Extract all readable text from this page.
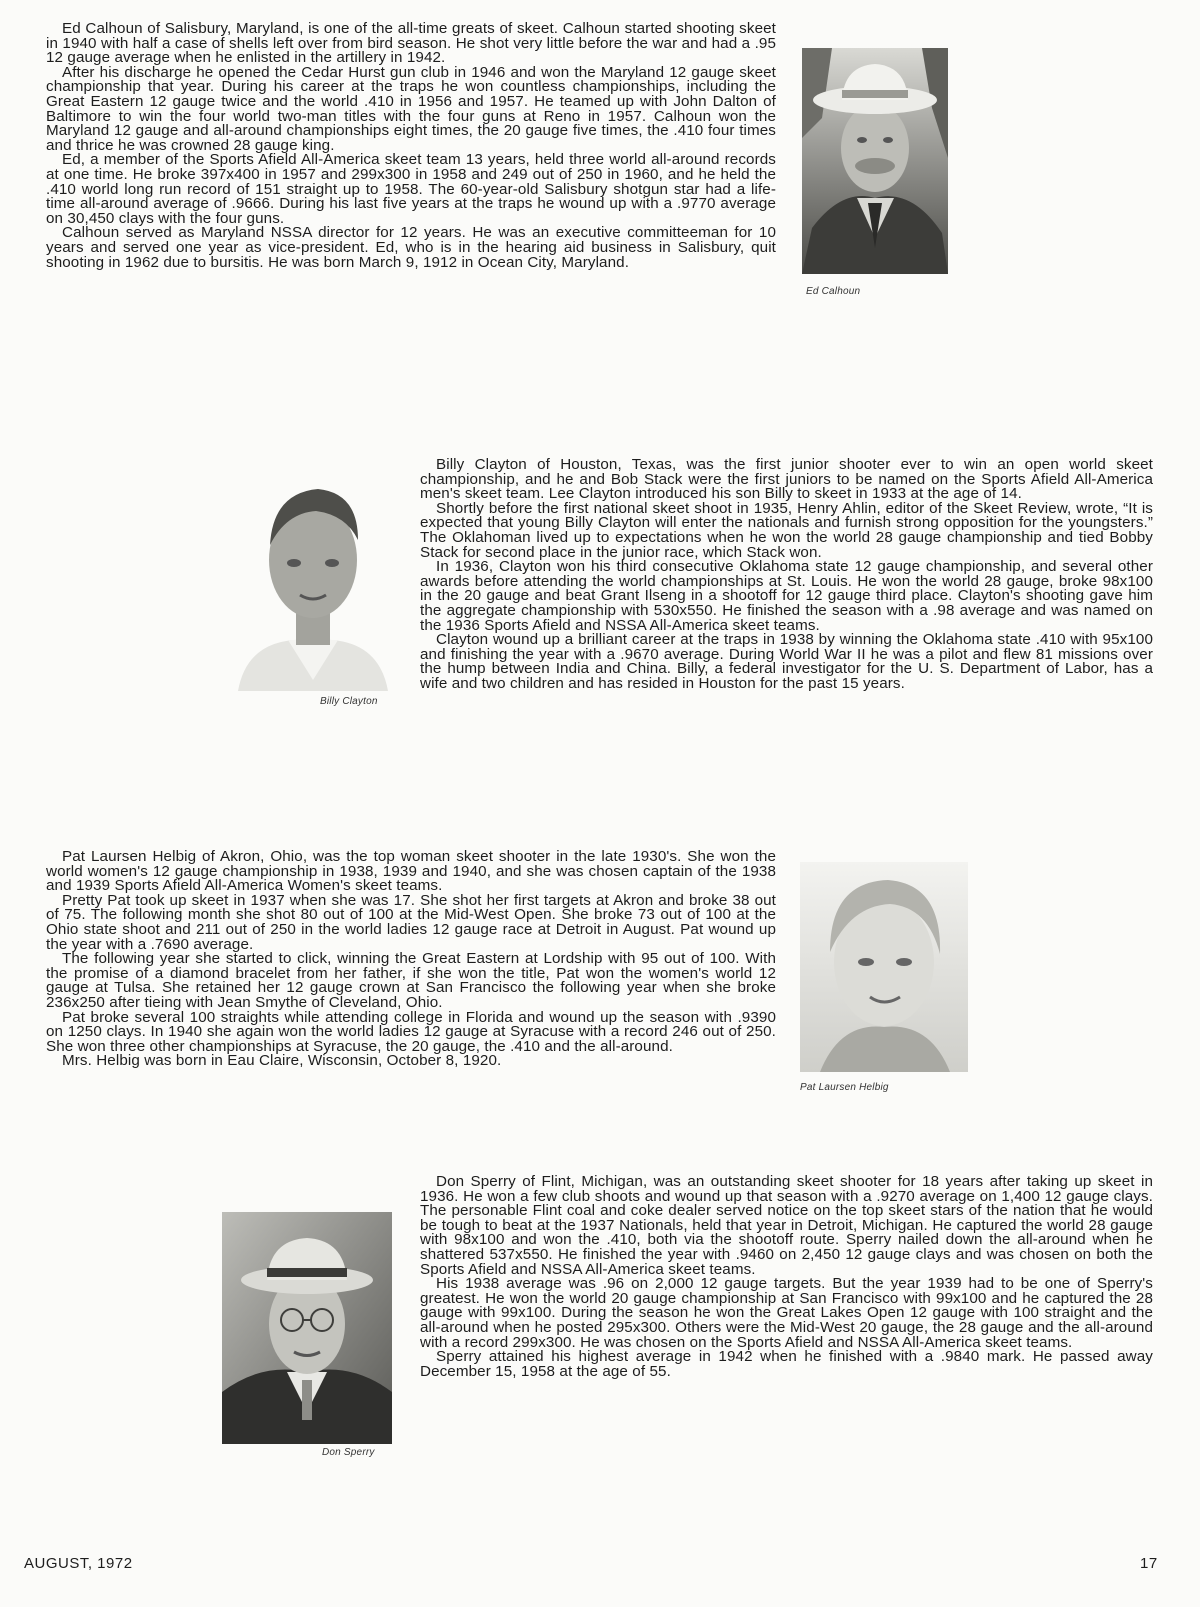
Ed Calhoun of Salisbury, Maryland, is one of the all-time greats of skeet. Calhoun started shooting skeet in 1940 with half a case of shells left over from bird season. He shot very little before the war and had a .95 12 gauge average when he enlisted in the artillery in 1942.

After his discharge he opened the Cedar Hurst gun club in 1946 and won the Maryland 12 gauge skeet championship that year. During his career at the traps he won countless championships, including the Great Eastern 12 gauge twice and the world .410 in 1956 and 1957. He teamed up with John Dalton of Baltimore to win the four world two-man titles with the four guns at Reno in 1957. Calhoun won the Maryland 12 gauge and all-around championships eight times, the 20 gauge five times, the .410 four times and thrice he was crowned 28 gauge king.

Ed, a member of the Sports Afield All-America skeet team 13 years, held three world all-around records at one time. He broke 397x400 in 1957 and 299x300 in 1958 and 249 out of 250 in 1960, and he held the .410 world long run record of 151 straight up to 1958. The 60-year-old Salisbury shotgun star had a life-time all-around average of .9666. During his last five years at the traps he wound up with a .9770 average on 30,450 clays with the four guns.

Calhoun served as Maryland NSSA director for 12 years. He was an executive committeeman for 10 years and served one year as vice-president. Ed, who is in the hearing aid business in Salisbury, quit shooting in 1962 due to bursitis. He was born March 9, 1912 in Ocean City, Maryland.

Ed Calhoun
Billy Clayton

Billy Clayton of Houston, Texas, was the first junior shooter ever to win an open world skeet championship, and he and Bob Stack were the first juniors to be named on the Sports Afield All-America men's skeet team. Lee Clayton introduced his son Billy to skeet in 1933 at the age of 14.

Shortly before the first national skeet shoot in 1935, Henry Ahlin, editor of the Skeet Review, wrote, “It is expected that young Billy Clayton will enter the nationals and furnish strong opposition for the youngsters.” The Oklahoman lived up to expectations when he won the world 28 gauge championship and tied Bobby Stack for second place in the junior race, which Stack won.

In 1936, Clayton won his third consecutive Oklahoma state 12 gauge championship, and several other awards before attending the world championships at St. Louis. He won the world 28 gauge, broke 98x100 in the 20 gauge and beat Grant Ilseng in a shootoff for 12 gauge third place. Clayton's shooting gave him the aggregate championship with 530x550. He finished the season with a .98 average and was named on the 1936 Sports Afield and NSSA All-America skeet teams.

Clayton wound up a brilliant career at the traps in 1938 by winning the Oklahoma state .410 with 95x100 and finishing the year with a .9670 average. During World War II he was a pilot and flew 81 missions over the hump between India and China. Billy, a federal investigator for the U. S. Department of Labor, has a wife and two children and has resided in Houston for the past 15 years.

Pat Laursen Helbig of Akron, Ohio, was the top woman skeet shooter in the late 1930's. She won the world women's 12 gauge championship in 1938, 1939 and 1940, and she was chosen captain of the 1938 and 1939 Sports Afield All-America Women's skeet teams.

Pretty Pat took up skeet in 1937 when she was 17. She shot her first targets at Akron and broke 38 out of 75. The following month she shot 80 out of 100 at the Mid-West Open. She broke 73 out of 100 at the Ohio state shoot and 211 out of 250 in the world ladies 12 gauge race at Detroit in August. Pat wound up the year with a .7690 average.

The following year she started to click, winning the Great Eastern at Lordship with 95 out of 100. With the promise of a diamond bracelet from her father, if she won the title, Pat won the women's world 12 gauge at Tulsa. She retained her 12 gauge crown at San Francisco the following year when she broke 236x250 after tieing with Jean Smythe of Cleveland, Ohio.

Pat broke several 100 straights while attending college in Florida and wound up the season with .9390 on 1250 clays. In 1940 she again won the world ladies 12 gauge at Syracuse with a record 246 out of 250. She won three other championships at Syracuse, the 20 gauge, the .410 and the all-around.

Mrs. Helbig was born in Eau Claire, Wisconsin, October 8, 1920.

Pat Laursen Helbig
Don Sperry

Don Sperry of Flint, Michigan, was an outstanding skeet shooter for 18 years after taking up skeet in 1936. He won a few club shoots and wound up that season with a .9270 average on 1,400 12 gauge clays. The personable Flint coal and coke dealer served notice on the top skeet stars of the nation that he would be tough to beat at the 1937 Nationals, held that year in Detroit, Michigan. He captured the world 28 gauge with 98x100 and won the .410, both via the shootoff route. Sperry nailed down the all-around when he shattered 537x550. He finished the year with .9460 on 2,450 12 gauge clays and was chosen on both the Sports Afield and NSSA All-America skeet teams.

His 1938 average was .96 on 2,000 12 gauge targets. But the year 1939 had to be one of Sperry's greatest. He won the world 20 gauge championship at San Francisco with 99x100 and he captured the 28 gauge with 99x100. During the season he won the Great Lakes Open 12 gauge with 100 straight and the all-around when he posted 295x300. Others were the Mid-West 20 gauge, the 28 gauge and the all-around with a record 299x300. He was chosen on the Sports Afield and NSSA All-America skeet teams.

Sperry attained his highest average in 1942 when he finished with a .9840 mark. He passed away December 15, 1958 at the age of 55.

AUGUST, 1972	17
